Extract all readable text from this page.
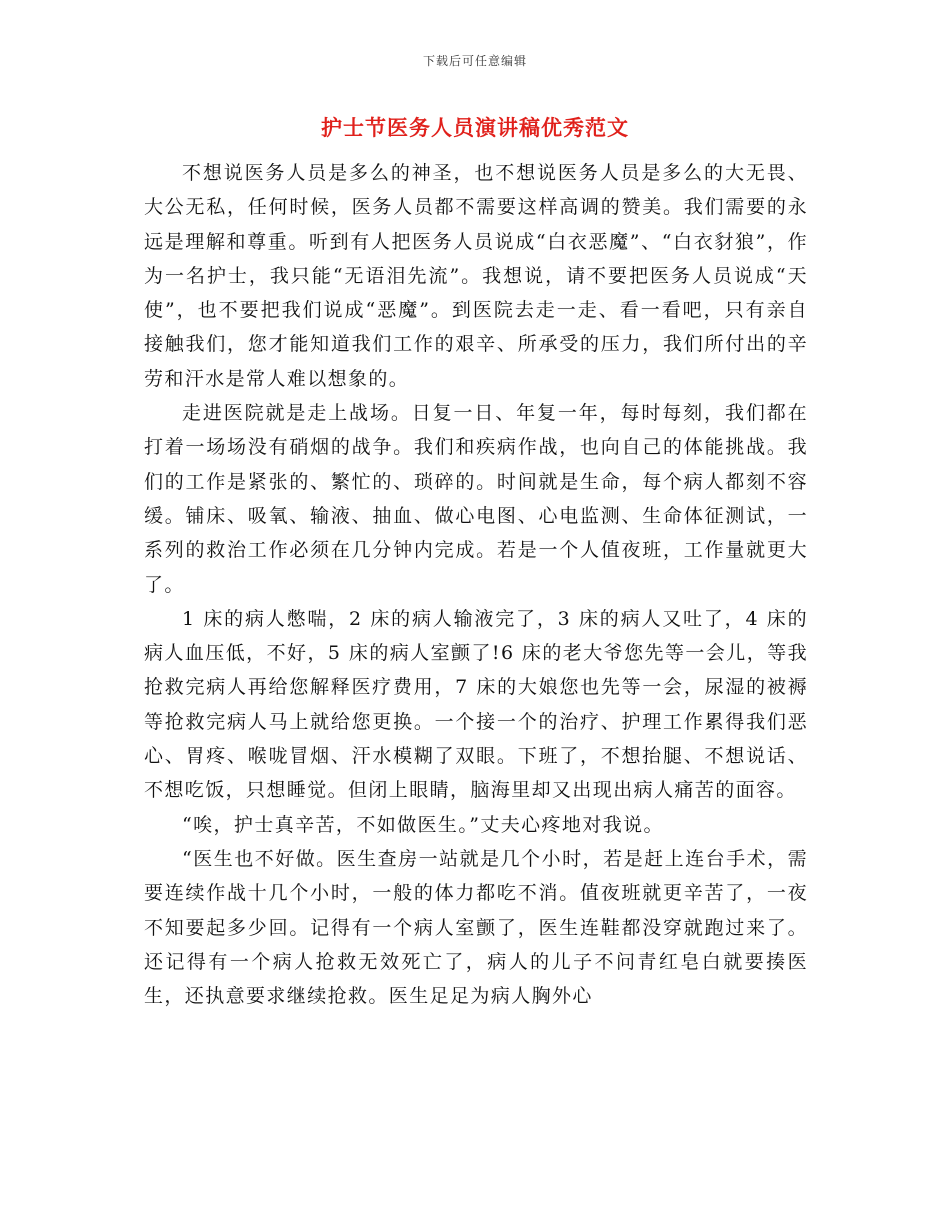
下载后可任意编辑
护士节医务人员演讲稿优秀范文

不想说医务人员是多么的神圣，也不想说医务人员是多么的大无畏、大公无私，任何时候，医务人员都不需要这样高调的赞美。我们需要的永远是理解和尊重。听到有人把医务人员说成“白衣恶魔”、“白衣豺狼”，作为一名护士，我只能“无语泪先流”。我想说，请不要把医务人员说成“天使”，也不要把我们说成“恶魔”。到医院去走一走、看一看吧，只有亲自接触我们，您才能知道我们工作的艰辛、所承受的压力，我们所付出的辛劳和汗水是常人难以想象的。

走进医院就是走上战场。日复一日、年复一年，每时每刻，我们都在打着一场场没有硝烟的战争。我们和疾病作战，也向自己的体能挑战。我们的工作是紧张的、繁忙的、琐碎的。时间就是生命，每个病人都刻不容缓。铺床、吸氧、输液、抽血、做心电图、心电监测、生命体征测试，一系列的救治工作必须在几分钟内完成。若是一个人值夜班，工作量就更大了。

1 床的病人憋喘，2 床的病人输液完了，3 床的病人又吐了，4 床的病人血压低，不好，5 床的病人室颤了!6 床的老大爷您先等一会儿，等我抢救完病人再给您解释医疗费用，7 床的大娘您也先等一会，尿湿的被褥等抢救完病人马上就给您更换。一个接一个的治疗、护理工作累得我们恶心、胃疼、喉咙冒烟、汗水模糊了双眼。下班了，不想抬腿、不想说话、不想吃饭，只想睡觉。但闭上眼睛，脑海里却又出现出病人痛苦的面容。

“唉，护士真辛苦，不如做医生。”丈夫心疼地对我说。

“医生也不好做。医生查房一站就是几个小时，若是赶上连台手术，需要连续作战十几个小时，一般的体力都吃不消。值夜班就更辛苦了，一夜不知要起多少回。记得有一个病人室颤了，医生连鞋都没穿就跑过来了。还记得有一个病人抢救无效死亡了，病人的儿子不问青红皂白就要揍医生，还执意要求继续抢救。医生足足为病人胸外心
